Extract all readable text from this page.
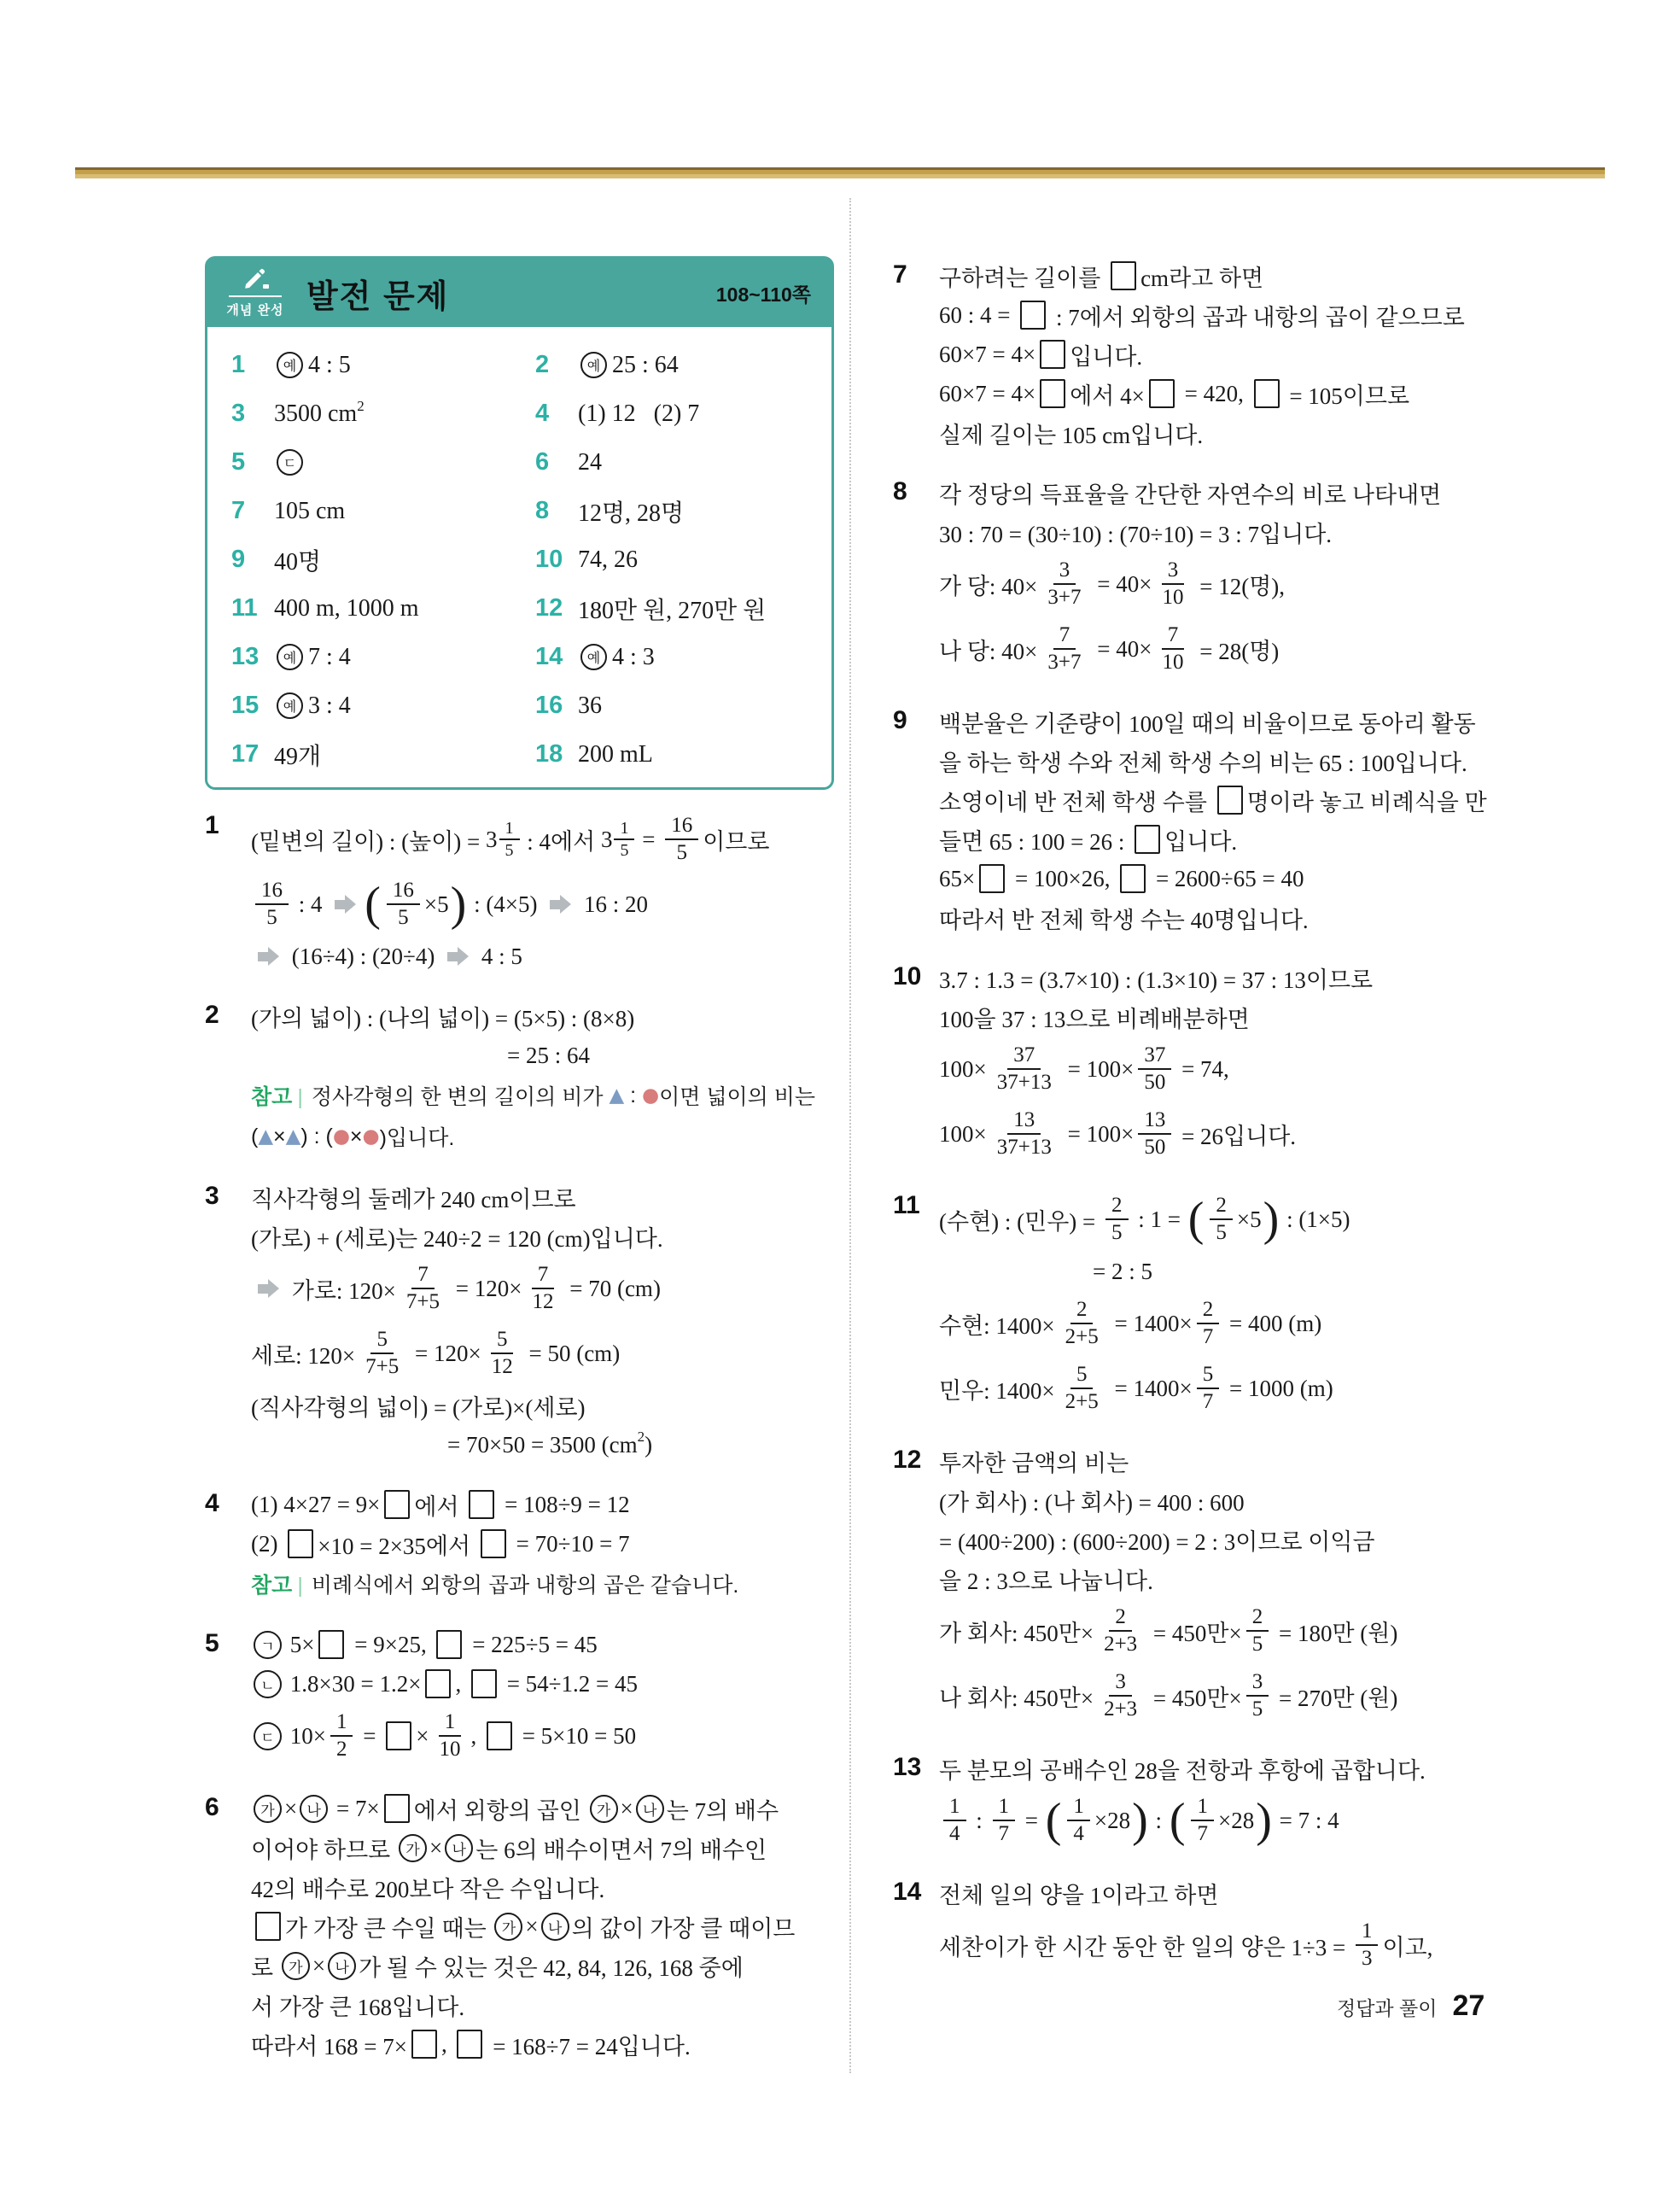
개념 완성 발전 문제	108~110쪽
1	예 4 : 5	2	예 25 : 64
3	3500 cm 2	4	(1) 12   (2) 7
5	ㄷ	6	24
7	105 cm	8	12명, 28명
9	40명	10 74, 26
11 400 m, 1000 m	12 180만 원, 270만 원
13	예 7 : 4	14	예 4 : 3
15	예 3 : 4	16 36
17 49개	18 200 mL
1
(밑변의 길이) : (높이) = $3 \frac{1}{5}$ : 4에서 $3 \frac{1}{5} = \frac{16}{5}$ 이므로
$\frac{16}{5}$ : 4 ( $\frac{16}{5} \times 5$ ) : (4×5) 16 : 20
(16÷4) : (20÷4) 4 : 5
2	(가의 넓이) : (나의 넓이) = (5×5) : (8×8)
= 25 : 64
참고 | 정사각형의 한 변의 길이의 비가 ▲ : ● 이면 넓이의 비는
( ▲ × ▲ ) : ( ● × ● )입니다.
3	직사각형의 둘레가 240 cm이므로
(가로) + (세로)는 240÷2 = 120 (cm)입니다.
가로: $120\times \frac{7}{7+5} = 120\times \frac{7}{12} = 70$ (cm)
세로: $120\times \frac{5}{7+5} = 120\times \frac{5}{12} = 50$ (cm)
(직사각형의 넓이) = (가로)×(세로)
= 70×50 = 3500 (cm 2 )
4	(1) 4×27 = 9× 에서 = 108÷9 = 12
(2) ×10 = 2×35에서 = 70÷10 = 7
참고 | 비례식에서 외항의 곱과 내항의 곱은 같습니다.
5	ㄱ 5× = 9×25, = 225÷5 = 45
ㄴ 1.8×30 = 1.2× , = 54÷1.2 = 45
ㄷ $10\times \frac{1}{2}$ = × $\frac{1}{10}$ , = 5×10 = 50
6	가 × 나 = 7× 에서 외항의 곱인 가 × 나 는 7의 배수
이어야 하므로 가 × 나 는 6의 배수이면서 7의 배수인
42의 배수로 200보다 작은 수입니다.
가 가장 큰 수일 때는 가 × 나 의 값이 가장 클 때이므
로 가 × 나 가 될 수 있는 것은 42, 84, 126, 168 중에
서 가장 큰 168입니다.
따라서 168 = 7× , = 168÷7 = 24입니다.
7	구하려는 길이를 cm라고 하면
60 : 4 = : 7에서 외항의 곱과 내항의 곱이 같으므로
60×7 = 4× 입니다.
60×7 = 4× 에서 4× = 420, = 105이므로
실제 길이는 105 cm입니다.
8	각 정당의 득표율을 간단한 자연수의 비로 나타내면
30 : 70 = (30÷10) : (70÷10) = 3 : 7입니다.
가 당: $40\times \frac{3}{3+7} = 40\times \frac{3}{10} = 12$(명),
나 당: $40\times \frac{7}{3+7} = 40\times \frac{7}{10} = 28$(명)
9	백분율은 기준량이 100일 때의 비율이므로 동아리 활동
을 하는 학생 수와 전체 학생 수의 비는 65 : 100입니다.
소영이네 반 전체 학생 수를 명이라 놓고 비례식을 만
들면 65 : 100 = 26 : 입니다.
65× = 100×26, = 2600÷65 = 40
따라서 반 전체 학생 수는 40명입니다.
10 3.7 : 1.3 = (3.7×10) : (1.3×10) = 37 : 13이므로
100을 37 : 13으로 비례배분하면
$100\times \frac{37}{37+13} = 100\times \frac{37}{50} = 74$,
$100\times \frac{13}{37+13} = 100\times \frac{13}{50} = 26$입니다.
11
(수현) : (민우) = $\frac{2}{5}$ : 1 = ( $\frac{2}{5} \times 5$ ) : (1×5)
= 2 : 5
수현: $1400\times \frac{2}{2+5} = 1400\times \frac{2}{7} = 400$ (m)
민우: $1400\times \frac{5}{2+5} = 1400\times \frac{5}{7} = 1000$ (m)
12 투자한 금액의 비는
(가 회사) : (나 회사) = 400 : 600
= (400÷200) : (600÷200) = 2 : 3이므로 이익금
을 2 : 3으로 나눕니다.
가 회사: 450만× $\frac{2}{2+3} = 450$만× $\frac{2}{5} = 180$만 (원)
나 회사: 450만× $\frac{3}{2+3} = 450$만× $\frac{3}{5} = 270$만 (원)
13 두 분모의 공배수인 28을 전항과 후항에 곱합니다.
$\frac{1}{4}$ : $\frac{1}{7}$ = ( $\frac{1}{4} \times 28$ ) : ( $\frac{1}{7} \times 28$ ) = 7 : 4
14 전체 일의 양을 1이라고 하면
세찬이가 한 시간 동안 한 일의 양은 $1\div 3 = \frac{1}{3}$ 이고,
정답과 풀이 27
